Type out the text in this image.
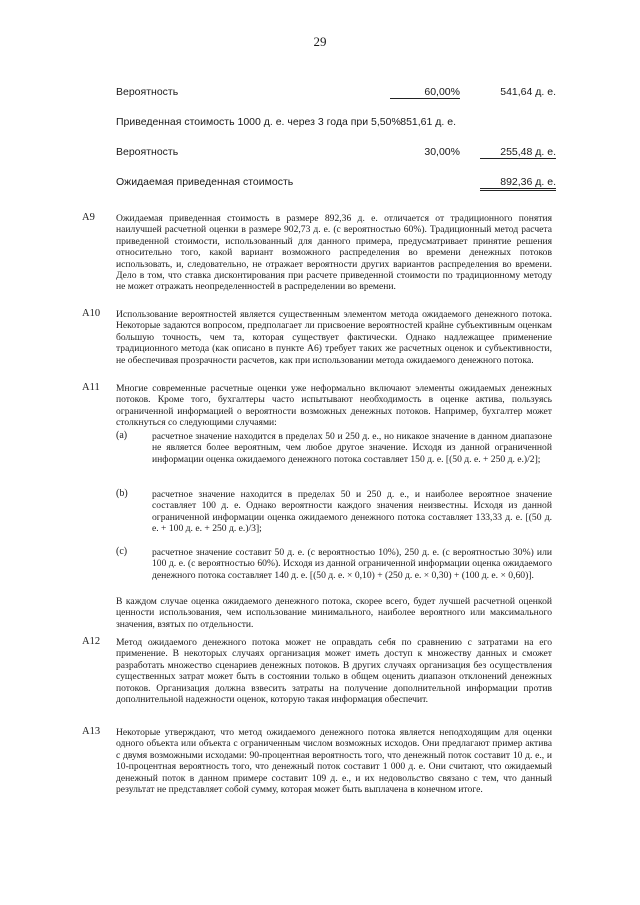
29
Вероятность	60,00%	541,64 д. е.
Приведенная стоимость 1000 д. е. через 3 года при 5,50% 851,61 д. е.
Вероятность	30,00%	255,48 д. е.
Ожидаемая приведенная стоимость	892,36 д. е.
A9 Ожидаемая приведенная стоимость в размере 892,36 д. е. отличается от традиционного понятия наилучшей расчетной оценки в размере 902,73 д. е. (с вероятностью 60%). Традиционный метод расчета приведенной стоимости, использованный для данного примера, предусматривает принятие решения относительно того, какой вариант возможного распределения во времени денежных потоков использовать, и, следовательно, не отражает вероятности других вариантов распределения во времени. Дело в том, что ставка дисконтирования при расчете приведенной стоимости по традиционному методу не может отражать неопределенностей в распределении во времени.

A10 Использование вероятностей является существенным элементом метода ожидаемого денежного потока. Некоторые задаются вопросом, предполагает ли присвоение вероятностей крайне субъективным оценкам большую точность, чем та, которая существует фактически. Однако надлежащее применение традиционного метода (как описано в пункте A6) требует таких же расчетных оценок и субъективности, не обеспечивая прозрачности расчетов, как при использовании метода ожидаемого денежного потока.

A11 Многие современные расчетные оценки уже неформально включают элементы ожидаемых денежных потоков. Кроме того, бухгалтеры часто испытывают необходимость в оценке актива, пользуясь ограниченной информацией о вероятности возможных денежных потоков. Например, бухгалтер может столкнуться со следующими случаями:

(a)	расчетное значение находится в пределах 50 и 250 д. е., но никакое значение в данном диапазоне не является более вероятным, чем любое другое значение. Исходя из данной ограниченной информации оценка ожидаемого денежного потока составляет 150 д. е. [(50 д. е. + 250 д. е.)/2];

(b)	расчетное значение находится в пределах 50 и 250 д. е., и наиболее вероятное значение составляет 100 д. е. Однако вероятности каждого значения неизвестны. Исходя из данной ограниченной информации оценка ожидаемого денежного потока составляет 133,33 д. е. [(50 д. е. + 100 д. е. + 250 д. е.)/3];

(c)	расчетное значение составит 50 д. е. (с вероятностью 10%), 250 д. е. (с вероятностью 30%) или 100 д. е. (с вероятностью 60%). Исходя из данной ограниченной информации оценка ожидаемого денежного потока составляет 140 д. е. [(50 д. е. × 0,10) + (250 д. е. × 0,30) + (100 д. е. × 0,60)].

В каждом случае оценка ожидаемого денежного потока, скорее всего, будет лучшей расчетной оценкой ценности использования, чем использование минимального, наиболее вероятного или максимального значения, взятых по отдельности.

A12 Метод ожидаемого денежного потока может не оправдать себя по сравнению с затратами на его применение. В некоторых случаях организация может иметь доступ к множеству данных и сможет разработать множество сценариев денежных потоков. В других случаях организация без осуществления существенных затрат может быть в состоянии только в общем оценить диапазон отклонений денежных потоков. Организация должна взвесить затраты на получение дополнительной информации против дополнительной надежности оценок, которую такая информация обеспечит.

A13 Некоторые утверждают, что метод ожидаемого денежного потока является неподходящим для оценки одного объекта или объекта с ограниченным числом возможных исходов. Они предлагают пример актива с двумя возможными исходами: 90-процентная вероятность того, что денежный поток составит 10 д. е., и 10-процентная вероятность того, что денежный поток составит 1 000 д. е. Они считают, что ожидаемый денежный поток в данном примере составит 109 д. е., и их недовольство связано с тем, что данный результат не представляет собой сумму, которая может быть выплачена в конечном итоге.
